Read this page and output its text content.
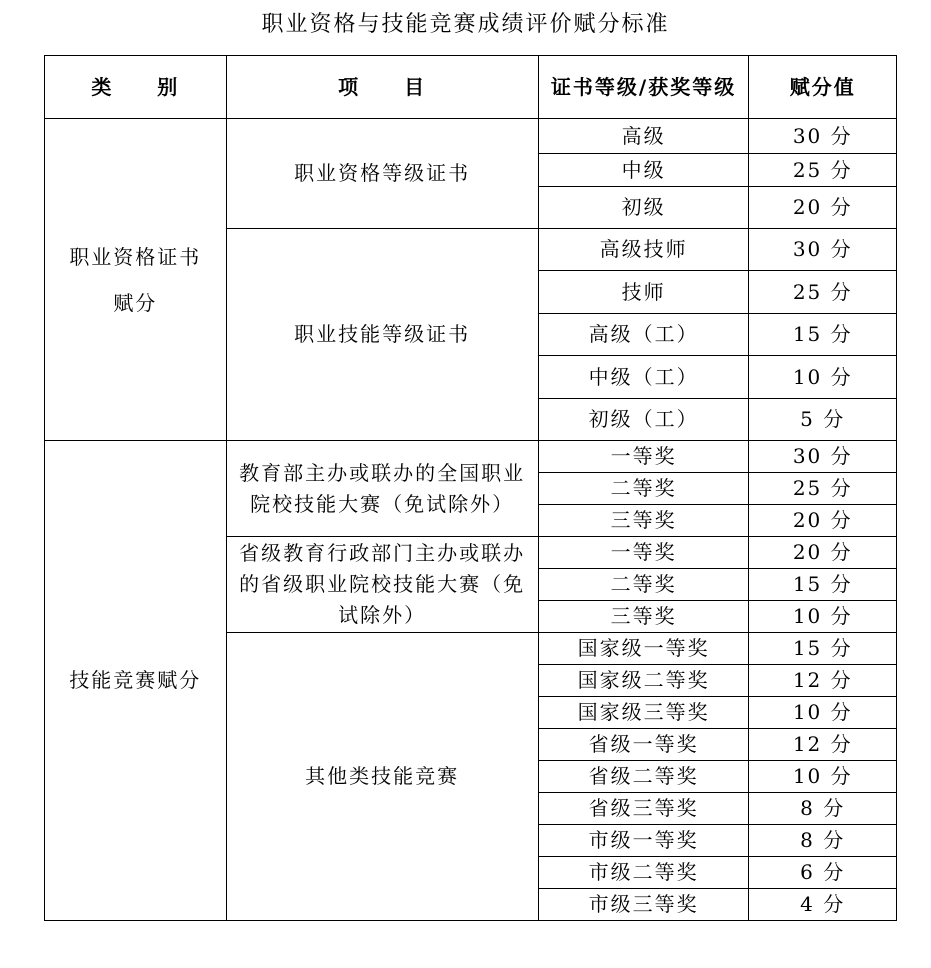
职业资格与技能竞赛成绩评价赋分标准
类　　别	项　　目	证书等级/获奖等级	赋分值
职业资格证书赋分	职业资格等级证书	高级	30 分
		中级	25 分
		初级	20 分
	职业技能等级证书	高级技师	30 分
		技师	25 分
		高级（工）	15 分
		中级（工）	10 分
		初级（工）	5 分
技能竞赛赋分	教育部主办或联办的全国职业院校技能大赛（免试除外）	一等奖	30 分
		二等奖	25 分
		三等奖	20 分
	省级教育行政部门主办或联办的省级职业院校技能大赛（免试除外）	一等奖	20 分
		二等奖	15 分
		三等奖	10 分
	其他类技能竞赛	国家级一等奖	15 分
		国家级二等奖	12 分
		国家级三等奖	10 分
		省级一等奖	12 分
		省级二等奖	10 分
		省级三等奖	8 分
		市级一等奖	8 分
		市级二等奖	6 分
		市级三等奖	4 分
